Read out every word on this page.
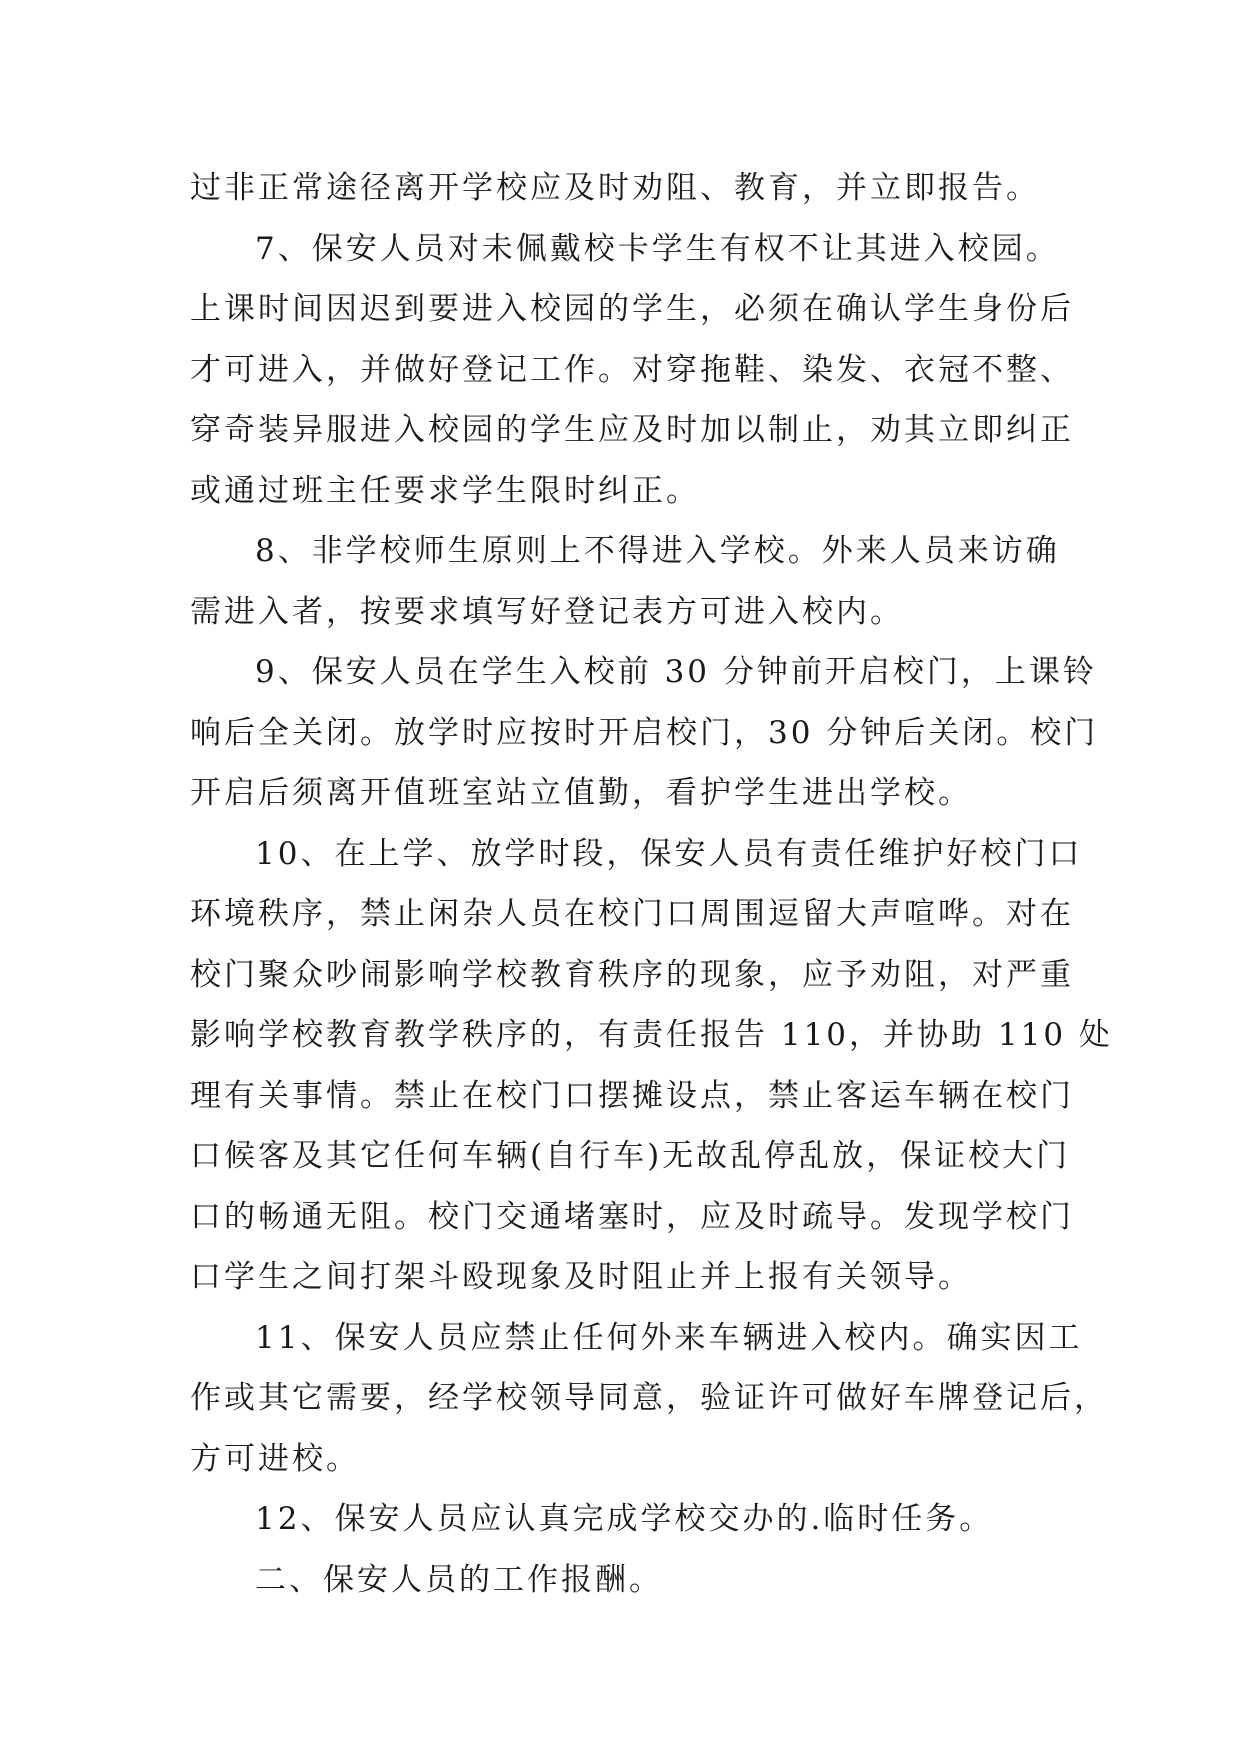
过非正常途径离开学校应及时劝阻、教育，并立即报告。
7、保安人员对未佩戴校卡学生有权不让其进入校园。
上课时间因迟到要进入校园的学生，必须在确认学生身份后
才可进入，并做好登记工作。对穿拖鞋、染发、衣冠不整、
穿奇装异服进入校园的学生应及时加以制止，劝其立即纠正
或通过班主任要求学生限时纠正。
8、非学校师生原则上不得进入学校。外来人员来访确
需进入者，按要求填写好登记表方可进入校内。
9、保安人员在学生入校前 30 分钟前开启校门，上课铃
响后全关闭。放学时应按时开启校门，30 分钟后关闭。校门
开启后须离开值班室站立值勤，看护学生进出学校。
10、在上学、放学时段，保安人员有责任维护好校门口
环境秩序，禁止闲杂人员在校门口周围逗留大声喧哗。对在
校门聚众吵闹影响学校教育秩序的现象，应予劝阻，对严重
影响学校教育教学秩序的，有责任报告 110，并协助 110 处
理有关事情。禁止在校门口摆摊设点，禁止客运车辆在校门
口候客及其它任何车辆(自行车)无故乱停乱放，保证校大门
口的畅通无阻。校门交通堵塞时，应及时疏导。发现学校门
口学生之间打架斗殴现象及时阻止并上报有关领导。
11、保安人员应禁止任何外来车辆进入校内。确实因工
作或其它需要，经学校领导同意，验证许可做好车牌登记后，
方可进校。
12、保安人员应认真完成学校交办的.临时任务。
二、保安人员的工作报酬。
